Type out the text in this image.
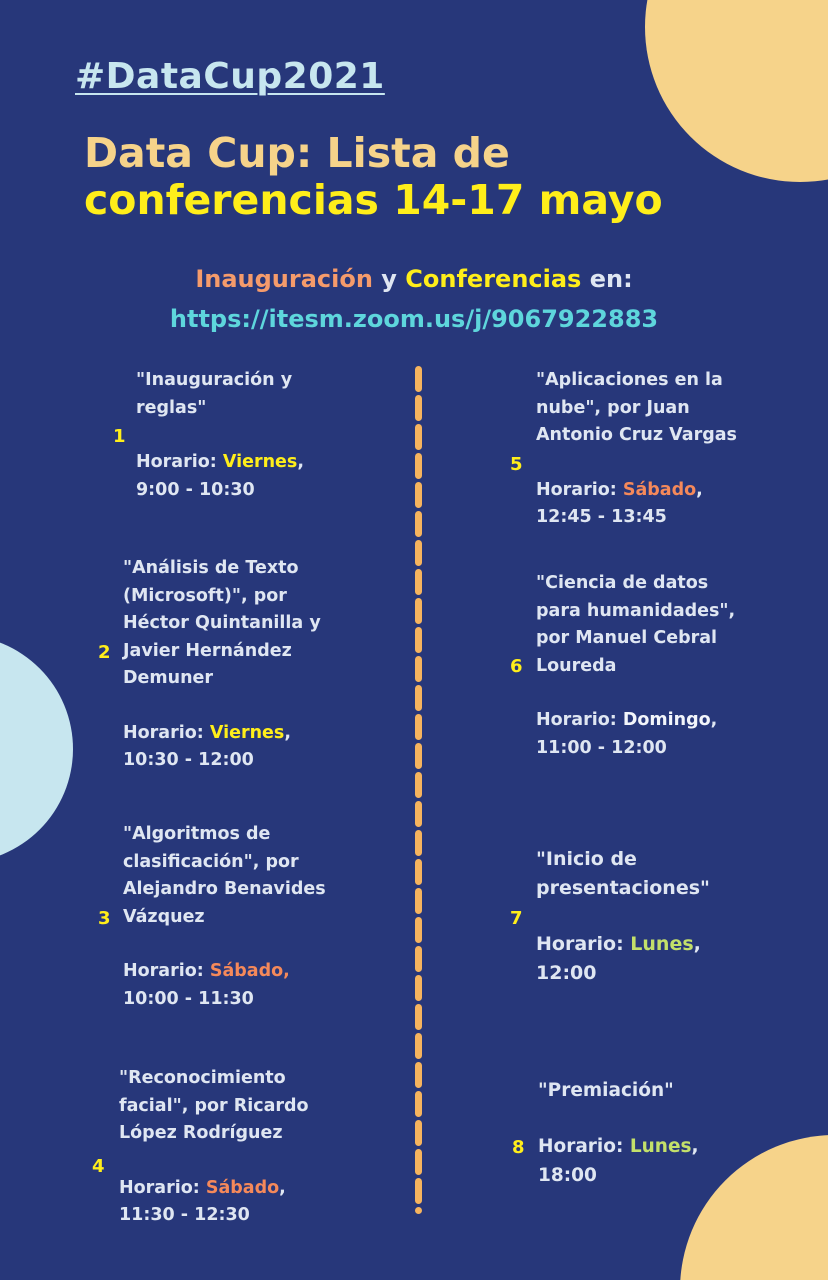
#DataCup2021
Data Cup: Lista de
conferencias 14-17 mayo
Inauguración y Conferencias en:
https://itesm.zoom.us/j/9067922883
1

"Inauguración y

reglas"

Horario: Viernes,

9:00 - 10:30

2

"Análisis de Texto

(Microsoft)", por

Héctor Quintanilla y

Javier Hernández

Demuner

Horario: Viernes,

10:30 - 12:00

3

"Algoritmos de

clasificación", por

Alejandro Benavides

Vázquez

Horario: Sábado,

10:00 - 11:30

4

"Reconocimiento

facial", por Ricardo

López Rodríguez

Horario: Sábado,

11:30 - 12:30

5

"Aplicaciones en la

nube", por Juan

Antonio Cruz Vargas

Horario: Sábado,

12:45 - 13:45

6

"Ciencia de datos

para humanidades",

por Manuel Cebral

Loureda

Horario: Domingo,

11:00 - 12:00

7

"Inicio de

presentaciones"

Horario: Lunes,

12:00

8

"Premiación"

Horario: Lunes,

18:00
